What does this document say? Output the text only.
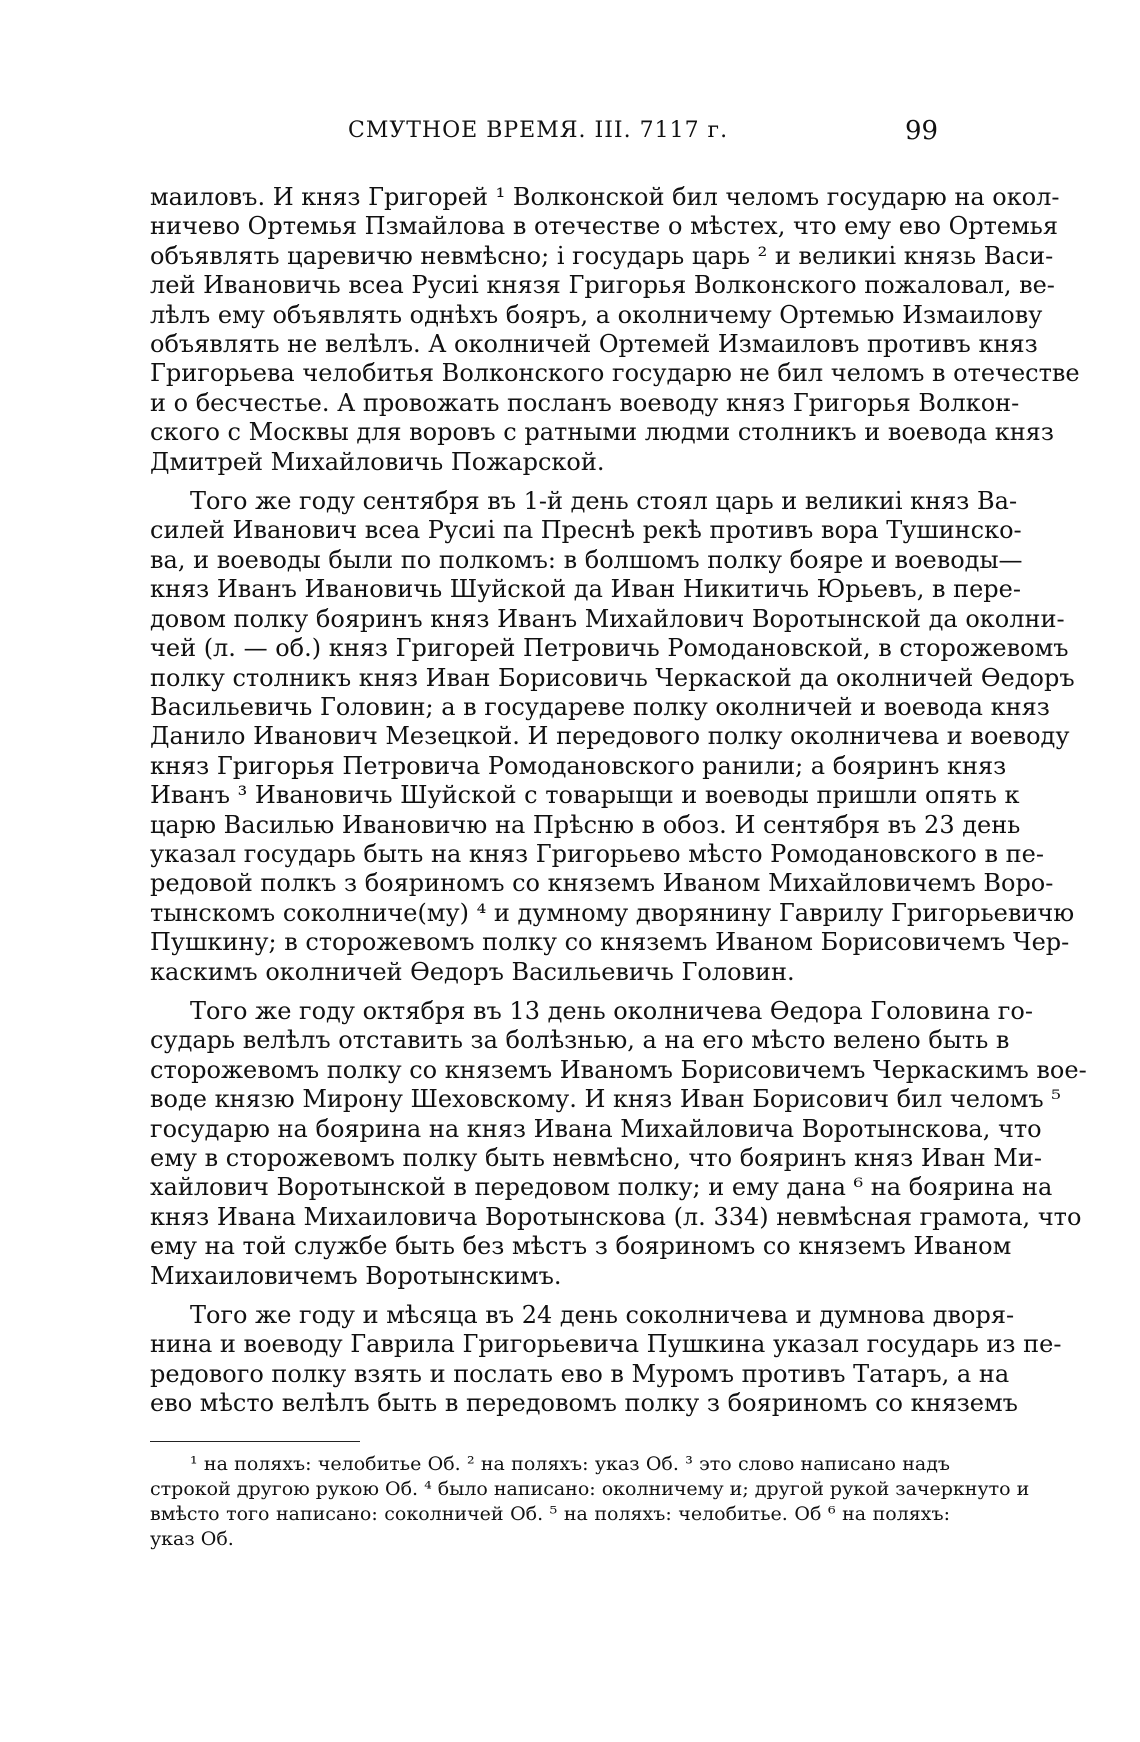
СМУТНОЕ ВРЕМЯ. III. 7117 г.	99
маиловъ. И княз Григорей ¹ Волконской бил челомъ государю на окол-
ничево Ортемья Пзмайлова в отечестве о мѣстех, что ему ево Ортемья
объявлять царевичю невмѣсно; і государь царь ² и великиі князь Васи-
лей Ивановичь всеа Русиі князя Григорья Волконского пожаловал, ве-
лѣлъ ему объявлять однѣхъ бояръ, а околничему Ортемью Измаилову
объявлять не велѣлъ. А околничей Ортемей Измаиловъ противъ княз
Григорьева челобитья Волконского государю не бил челомъ в отечестве
и о бесчестье. А провожать посланъ воеводу княз Григорья Волкон-
ского с Москвы для воровъ с ратными людми столникъ и воевода княз
Дмитрей Михайловичь Пожарской.
Того же году сентября въ 1-й день стоял царь и великиі княз Ва-
силей Иванович всеа Русиі па Преснѣ рекѣ противъ вора Тушинско-
ва, и воеводы были по полкомъ: в болшомъ полку бояре и воеводы—
княз Иванъ Ивановичь Шуйской да Иван Никитичь Юрьевъ, в пере-
довом полку бояринъ княз Иванъ Михайлович Воротынской да околни-
чей (л. — об.) княз Григорей Петровичь Ромодановской, в сторожевомъ
полку столникъ княз Иван Борисовичь Черкаской да околничей Өедоръ
Васильевичь Головин; а в государеве полку околничей и воевода княз
Данило Иванович Мезецкой. И передового полку околничева и воеводу
княз Григорья Петровича Ромодановского ранили; а бояринъ княз
Иванъ ³ Ивановичь Шуйской с товарыщи и воеводы пришли опять к
царю Василью Ивановичю на Прѣсню в обоз. И сентября въ 23 день
указал государь быть на княз Григорьево мѣсто Ромодановского в пе-
редовой полкъ з бояриномъ со княземъ Иваном Михайловичемъ Воро-
тынскомъ соколниче(му) ⁴ и думному дворянину Гаврилу Григорьевичю
Пушкину; в сторожевомъ полку со княземъ Иваном Борисовичемъ Чер-
каскимъ околничей Өедоръ Васильевичь Головин.
Того же году октября въ 13 день околничева Өедора Головина го-
сударь велѣлъ отставить за болѣзнью, а на его мѣсто велено быть в
сторожевомъ полку со княземъ Иваномъ Борисовичемъ Черкаскимъ вое-
воде князю Мирону Шеховскому. И княз Иван Борисович бил челомъ ⁵
государю на боярина на княз Ивана Михайловича Воротынскова, что
ему в сторожевомъ полку быть невмѣсно, что бояринъ княз Иван Ми-
хайлович Воротынской в передовом полку; и ему дана ⁶ на боярина на
княз Ивана Михаиловича Воротынскова (л. 334) невмѣсная грамота, что
ему на той службе быть без мѣстъ з бояриномъ со княземъ Иваном
Михаиловичемъ Воротынскимъ.
Того же году и мѣсяца въ 24 день соколничева и думнова дворя-
нина и воеводу Гаврила Григорьевича Пушкина указал государь из пе-
редового полку взять и послать ево в Муромъ противъ Татаръ, а на
ево мѣсто велѣлъ быть в передовомъ полку з бояриномъ со княземъ
¹ на поляхъ: челобитье Об. ² на поляхъ: указ Об. ³ это слово написано надъ
строкой другою рукою Об. ⁴ было написано: околничему и; другой рукой зачеркнуто и
вмѣсто того написано: соколничей Об. ⁵ на поляхъ: челобитье. Об ⁶ на поляхъ:
указ Об.
